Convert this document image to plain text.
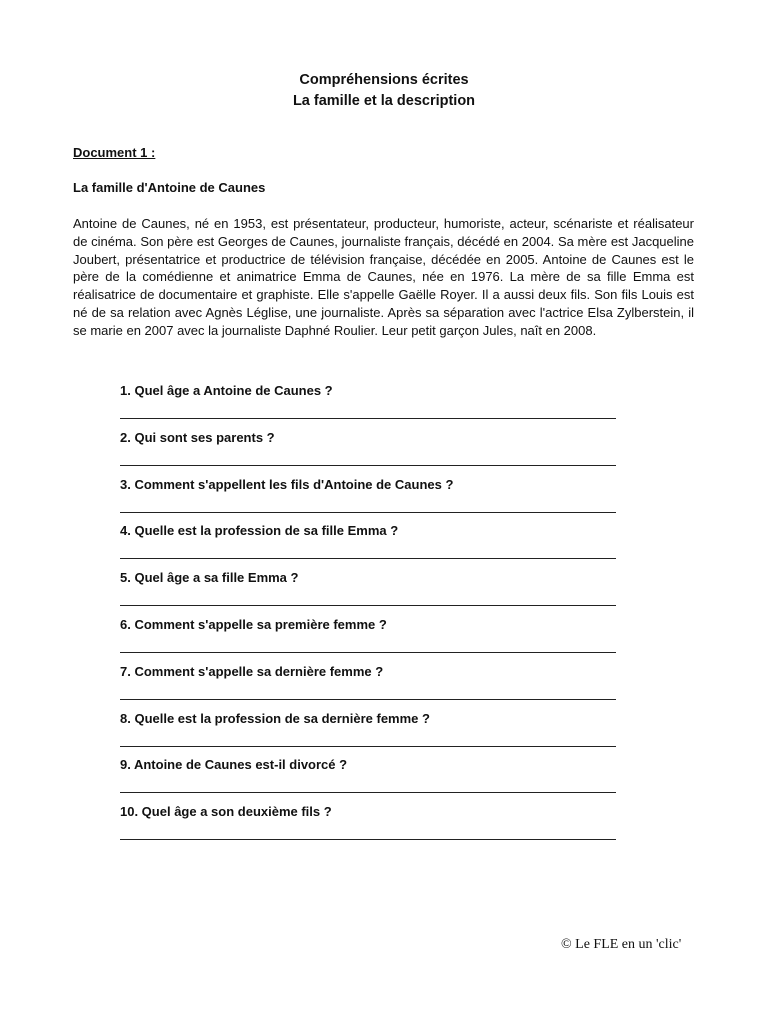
Compréhensions écrites
La famille et la description
Document 1 :
La famille d'Antoine de Caunes
Antoine de Caunes, né en 1953, est présentateur, producteur, humoriste, acteur, scénariste et réalisateur de cinéma. Son père est Georges de Caunes, journaliste français, décédé en 2004. Sa mère est Jacqueline Joubert, présentatrice et productrice de télévision française, décédée en 2005. Antoine de Caunes est le père de la comédienne et animatrice Emma de Caunes, née en 1976. La mère de sa fille Emma est réalisatrice de documentaire et graphiste. Elle s'appelle Gaëlle Royer. Il a aussi deux fils. Son fils Louis est né de sa relation avec Agnès Léglise, une journaliste. Après sa séparation avec l'actrice Elsa Zylberstein, il se marie en 2007 avec la journaliste Daphné Roulier. Leur petit garçon Jules, naît en 2008.
1. Quel âge a Antoine de Caunes ?
2. Qui sont ses parents ?
3. Comment s'appellent les fils d'Antoine de Caunes ?
4. Quelle est la profession de sa fille Emma ?
5. Quel âge a sa fille Emma ?
6. Comment s'appelle sa première femme ?
7. Comment s'appelle sa dernière femme ?
8. Quelle est la profession de sa dernière femme ?
9. Antoine de Caunes est-il divorcé ?
10. Quel âge a son deuxième fils ?
© Le FLE en un 'clic'
